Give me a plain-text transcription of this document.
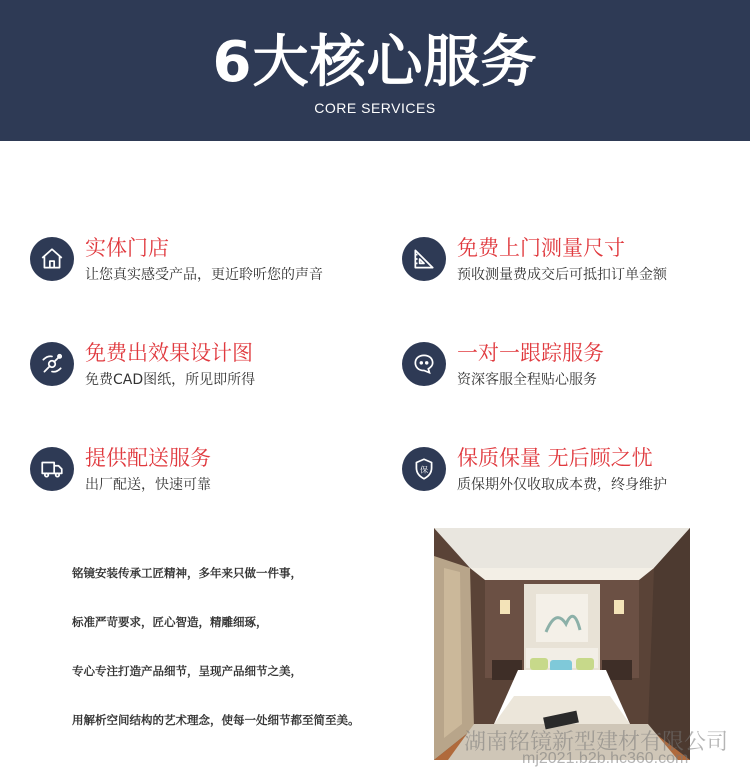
6大核心服务
CORE SERVICES
实体门店
让您真实感受产品，更近聆听您的声音
免费上门测量尺寸
预收测量费成交后可抵扣订单金额
免费出效果设计图
免费CAD图纸，所见即所得
一对一跟踪服务
资深客服全程贴心服务
提供配送服务
出厂配送，快速可靠
保 保质保量 无后顾之忧
质保期外仅收取成本费，终身维护
铭镜安装传承工匠精神，多年来只做一件事，
标准严苛要求，匠心智造，精雕细琢，
专心专注打造产品细节，呈现产品细节之美，
用解析空间结构的艺术理念，使每一处细节都至简至美。
湖南铭镜新型建材有限公司
mj2021.b2b.hc360.com
